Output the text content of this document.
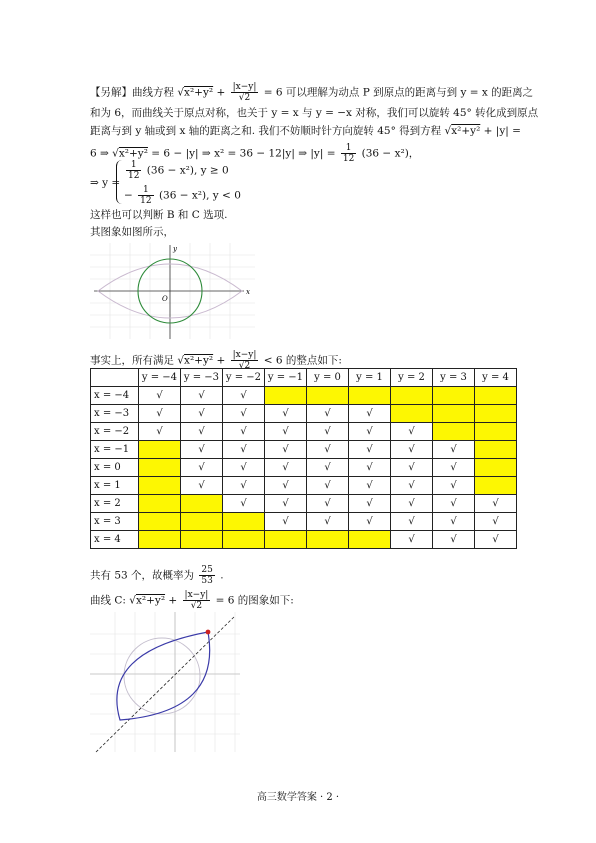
【另解】曲线方程 $√x^2+y^2 + \frac{|x-y|}{√2} = 6$ 可以理解为动点 P 到原点的距离与到 y = x 的距离之
和为 6，而曲线关于原点对称，也关于 y = x 与 y = −x 对称，我们可以旋转 45° 转化成到原点
距离与到 y 轴或到 x 轴的距离之和. 我们不妨顺时针方向旋转 45° 得到方程 √x²+y² + |y| =
6 ⇒ √x²+y² = 6 − |y| ⇒ x² = 36 − 12|y| ⇒ $|y| = \frac{1}{12} (36 - x^2)$，
⇒ y =
$\frac{1}{12} (36 - x^2)$, y ≥ 0
− $\frac{1}{12} (36 - x^2)$, y < 0
这样也可以判断 B 和 C 选项.
其图象如图所示，
x
y
O
事实上，所有满足 $√x^2+y^2 + \frac{|x-y|}{√2} < 6$ 的整点如下:
	y = −4	y = −3	y = −2	y = −1	y = 0	y = 1	y = 2	y = 3	y = 4
x = −4	√	√	√						
x = −3	√	√	√	√	√	√			
x = −2	√	√	√	√	√	√	√		
x = −1		√	√	√	√	√	√	√	
x = 0		√	√	√	√	√	√	√	
x = 1		√	√	√	√	√	√	√	
x = 2			√	√	√	√	√	√	√
x = 3				√	√	√	√	√	√
x = 4							√	√	√
共有 53 个，故概率为 $\frac{25}{53}$ .
曲线 C: $√x^2+y^2 + \frac{|x-y|}{√2} = 6$ 的图象如下:
高三数学答案 · 2 ·
